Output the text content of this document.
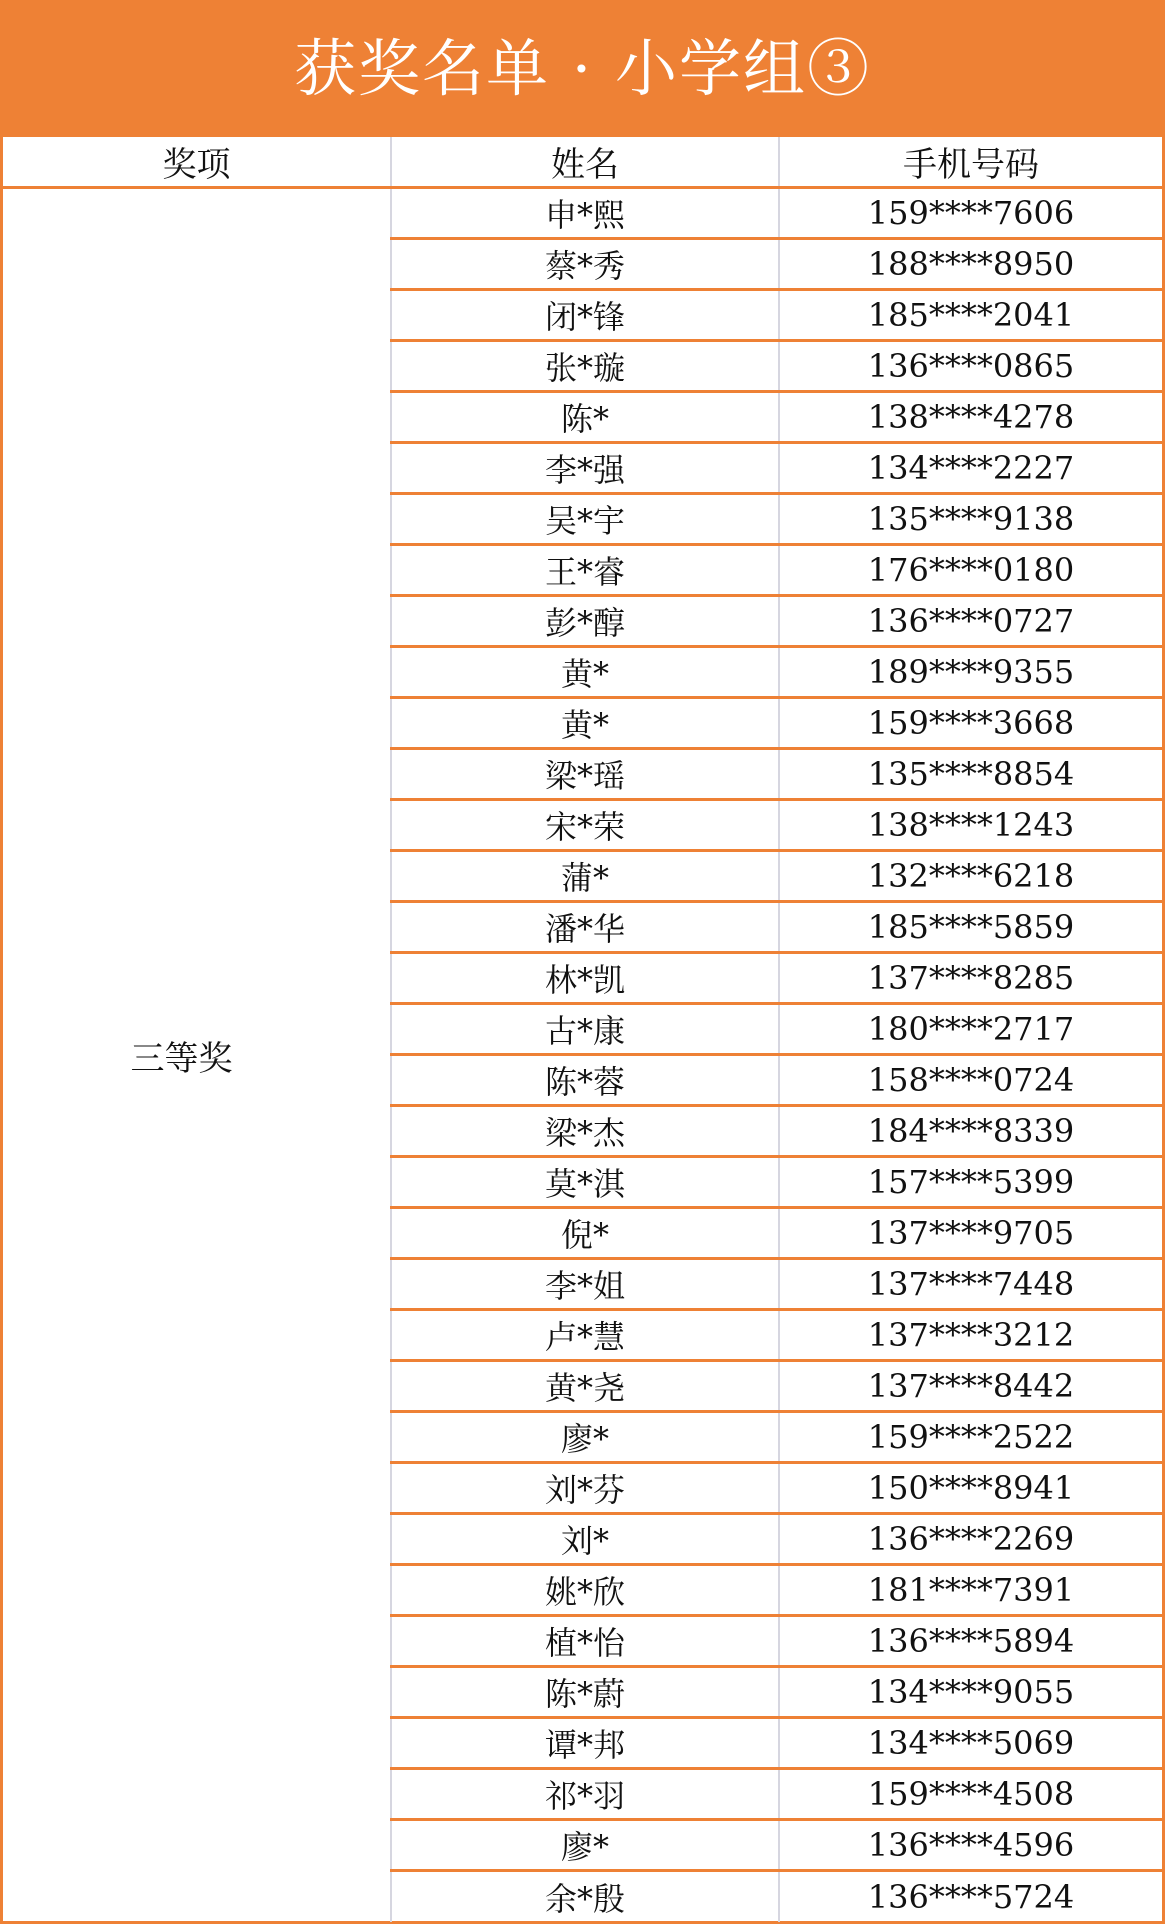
获奖名单 · 小学组③
奖项	姓名	手机号码
三等奖	申*熙	159****7606
	蔡*秀	188****8950
	闭*锋	185****2041
	张*璇	136****0865
	陈*	138****4278
	李*强	134****2227
	吴*宇	135****9138
	王*睿	176****0180
	彭*醇	136****0727
	黄*	189****9355
	黄*	159****3668
	梁*瑶	135****8854
	宋*荣	138****1243
	蒲*	132****6218
	潘*华	185****5859
	林*凯	137****8285
	古*康	180****2717
	陈*蓉	158****0724
	梁*杰	184****8339
	莫*淇	157****5399
	倪*	137****9705
	李*姐	137****7448
	卢*慧	137****3212
	黄*尧	137****8442
	廖*	159****2522
	刘*芬	150****8941
	刘*	136****2269
	姚*欣	181****7391
	植*怡	136****5894
	陈*蔚	134****9055
	谭*邦	134****5069
	祁*羽	159****4508
	廖*	136****4596
	余*殷	136****5724
